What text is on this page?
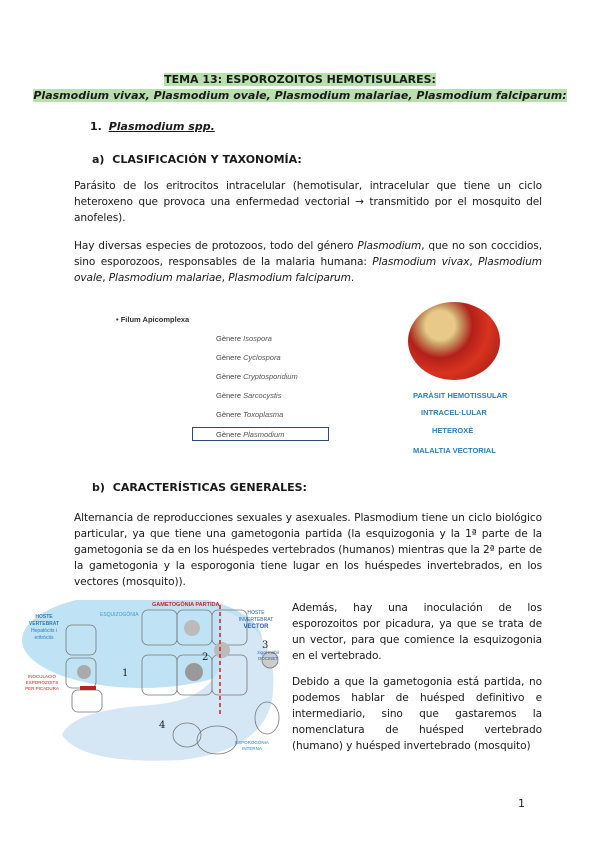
TEMA 13: ESPOROZOITOS HEMOTISULARES:
Plasmodium vivax, Plasmodium ovale, Plasmodium malariae, Plasmodium falciparum:
1. Plasmodium spp.
a) CLASIFICACIÓN Y TAXONOMÍA:
Parásito de los eritrocitos intracelular (hemotisular, intracelular que tiene un ciclo heteroxeno que provoca una enfermedad vectorial → transmitido por el mosquito del anofeles).
Hay diversas especies de protozoos, todo del género Plasmodium, que no son coccidios, sino esporozoos, responsables de la malaria humana: Plasmodium vivax, Plasmodium ovale, Plasmodium malariae, Plasmodium falciparum.
• Filum Apicomplexa
Gènere Isospora
Gènere Cyclospora
Gènere Cryptosporidium
Gènere Sarcocystis
Gènere Toxoplasma
Gènere Plasmodium
PARÀSIT HEMOTISSULAR
INTRACEL·LULAR
HETEROXÈ
MALALTIA VECTORIAL
b) CARACTERÍSTICAS GENERALES:
Alternancia de reproducciones sexuales y asexuales. Plasmodium tiene un ciclo biológico particular, ya que tiene una gametogonia partida (la esquizogonia y la 1ª parte de la gametogonia se da en los huéspedes vertebrados (humanos) mientras que la 2ª parte de la gametogonia y la esporogonia tiene lugar en los huéspedes invertebrados, en los vectores (mosquito)).
HOSTE VERTEBRAT
Hepatòcits i eritròcits
ESQUIZOGÒNIA
GAMETOGÒNIA PARTIDA
HOSTE INVERTEBRAT
VECTOR
zigot mòbil OOCINET
INOCULACIÓ ESPOROZOITS PER PICADURA
ESPOROGÒNIA INTERNA
1
2
3
4
Además, hay una inoculación de los esporozoitos por picadura, ya que se trata de un vector, para que comience la esquizogonia en el vertebrado.
Debido a que la gametogonia está partida, no podemos hablar de huésped definitivo e intermediario, sino que gastaremos la nomenclatura de huésped vertebrado (humano) y huésped invertebrado (mosquito)
1
